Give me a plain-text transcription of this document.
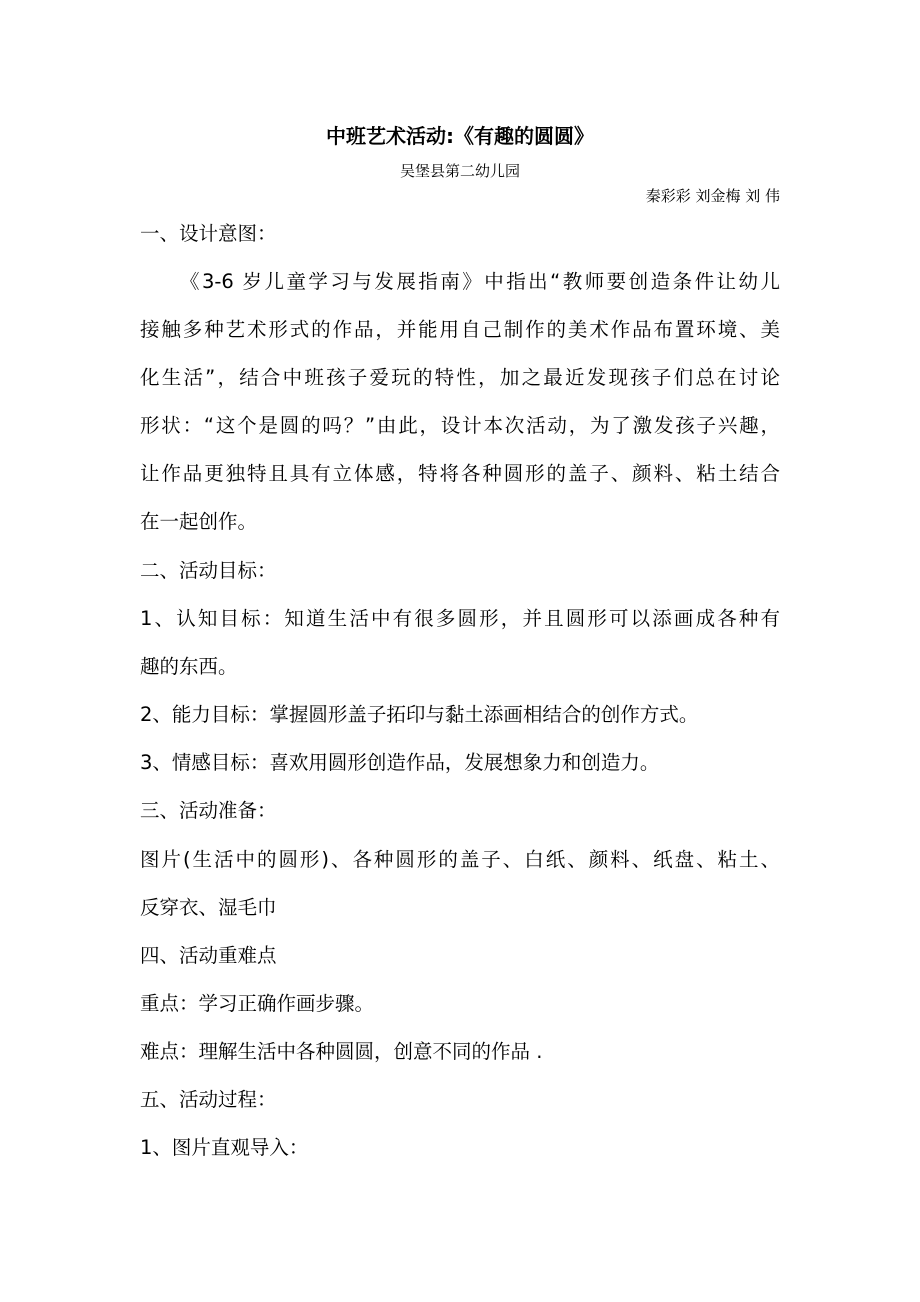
中班艺术活动:《有趣的圆圆》
吴堡县第二幼儿园
秦彩彩 刘金梅 刘 伟
一、设计意图：
《3-6 岁儿童学习与发展指南》中指出“教师要创造条件让幼儿
接触多种艺术形式的作品，并能用自己制作的美术作品布置环境、美
化生活”，结合中班孩子爱玩的特性，加之最近发现孩子们总在讨论
形状：“这个是圆的吗？”由此，设计本次活动，为了激发孩子兴趣，
让作品更独特且具有立体感，特将各种圆形的盖子、颜料、粘土结合
在一起创作。
二、活动目标：
1、认知目标：知道生活中有很多圆形，并且圆形可以添画成各种有
趣的东西。
2、能力目标：掌握圆形盖子拓印与黏土添画相结合的创作方式。
3、情感目标：喜欢用圆形创造作品，发展想象力和创造力。
三、活动准备：
图片(生活中的圆形)、各种圆形的盖子、白纸、颜料、纸盘、粘土、
反穿衣、湿毛巾
四、活动重难点
重点：学习正确作画步骤。
难点：理解生活中各种圆圆，创意不同的作品 .
五、活动过程：
1、图片直观导入：
